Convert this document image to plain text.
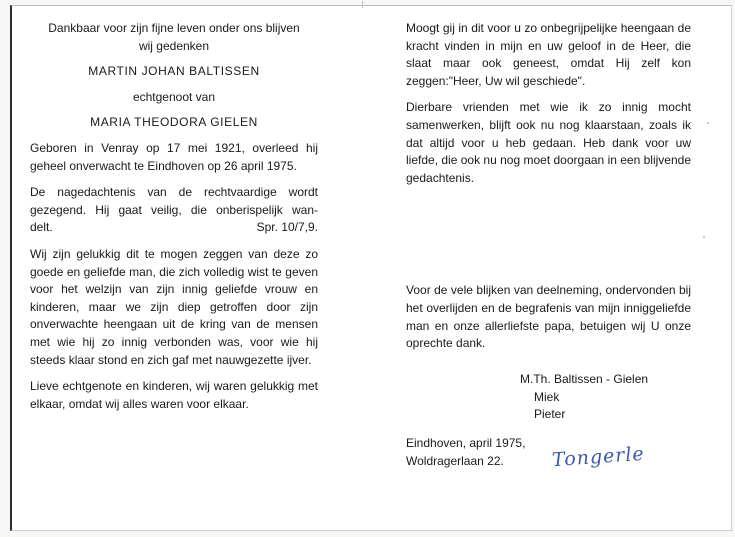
Dankbaar voor zijn fijne leven onder ons blijven
wij gedenken
MARTIN JOHAN BALTISSEN
echtgenoot van
MARIA THEODORA GIELEN

Geboren in Venray op 17 mei 1921, overleed hij geheel onverwacht te Eindhoven op 26 april 1975.

De nagedachtenis van de rechtvaardige wordt gezegend. Hij gaat veilig, die onberispelijk wan-
delt.	Spr. 10/7,9.

Wij zijn gelukkig dit te mogen zeggen van deze zo goede en geliefde man, die zich volledig wist te geven voor het welzijn van zijn innig geliefde vrouw en kinderen, maar we zijn diep getroffen door zijn onverwachte heengaan uit de kring van de mensen met wie hij zo innig verbonden was, voor wie hij steeds klaar stond en zich gaf met nauwgezette ijver.

Lieve echtgenote en kinderen, wij waren gelukkig met elkaar, omdat wij alles waren voor elkaar.

Moogt gij in dit voor u zo onbegrijpelijke heengaan de kracht vinden in mijn en uw geloof in de Heer, die slaat maar ook geneest, omdat Hij zelf kon zeggen:"Heer, Uw wil geschiede".

Dierbare vrienden met wie ik zo innig mocht samenwerken, blijft ook nu nog klaarstaan, zoals ik dat altijd voor u heb gedaan. Heb dank voor uw liefde, die ook nu nog moet doorgaan in een blijvende gedachtenis.

Voor de vele blijken van deelneming, ondervonden bij het overlijden en de begrafenis van mijn inniggeliefde man en onze allerliefste papa, betuigen wij U onze oprechte dank.

M.Th. Baltissen - Gielen
Miek
Pieter
Eindhoven, april 1975,
Woldragerlaan 22.	Tongerle
